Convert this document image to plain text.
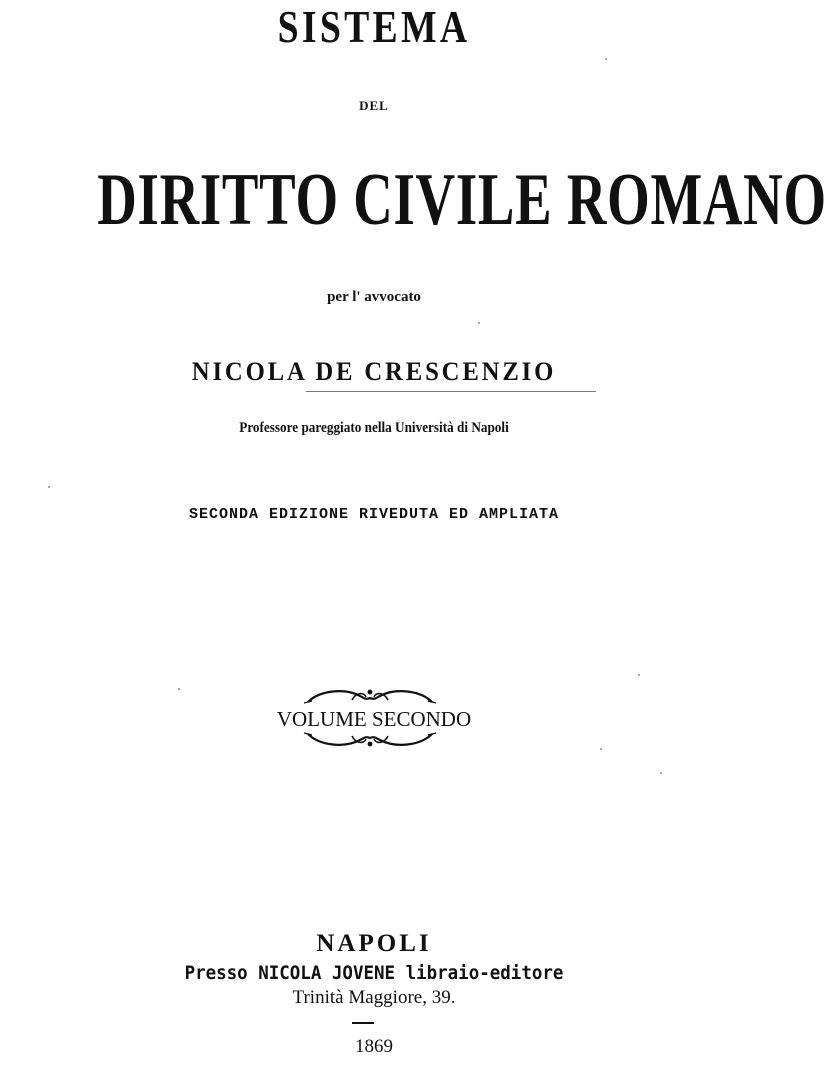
SISTEMA
DEL
DIRITTO CIVILE ROMANO
per l' avvocato
NICOLA DE CRESCENZIO
Professore pareggiato nella Università di Napoli
SECONDA EDIZIONE RIVEDUTA ED AMPLIATA
VOLUME SECONDO
NAPOLI
Presso NICOLA JOVENE libraio-editore
Trinità Maggiore, 39.
1869
